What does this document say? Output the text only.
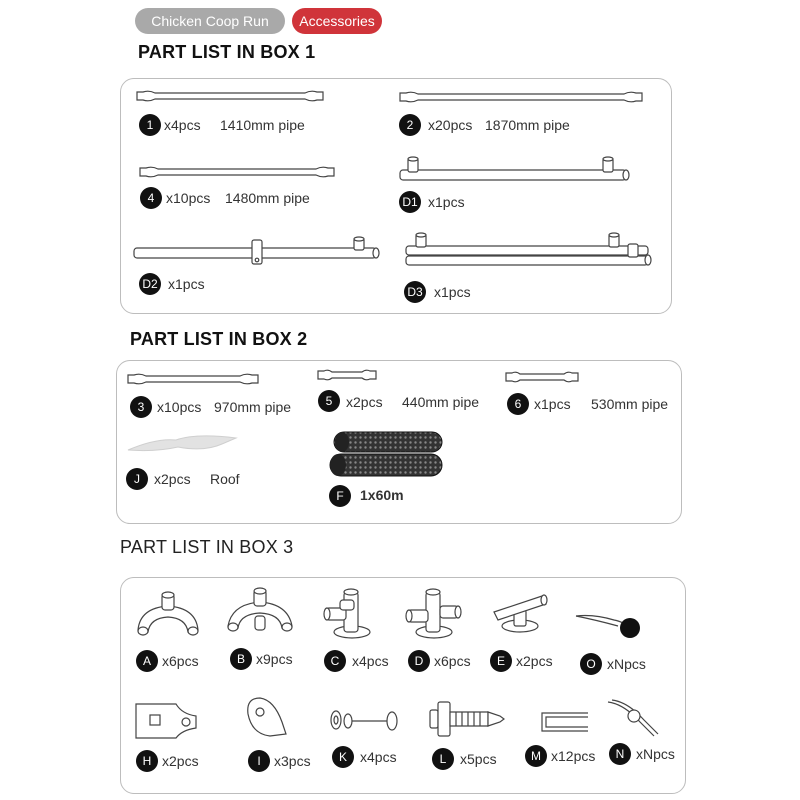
Chicken Coop Run	Accessories
PART LIST IN BOX 1
1 x4pcs 1410mm pipe	2	x20pcs 1870mm pipe
4 x10pcs 1480mm pipe	D1 x1pcs
D2 x1pcs	D3 x1pcs
PART LIST IN BOX 2
3 x10pcs 970mm pipe	5 x2pcs 440mm pipe	6 x1pcs 530mm pipe
J	x2pcs Roof
F	1x60m
PART LIST IN BOX 3
A x6pcs	B x9pcs	C x4pcs	D x6pcs	E x2pcs	O xNpcs
H x2pcs	I x3pcs	K x4pcs	L x5pcs	M x12pcs	N xNpcs
